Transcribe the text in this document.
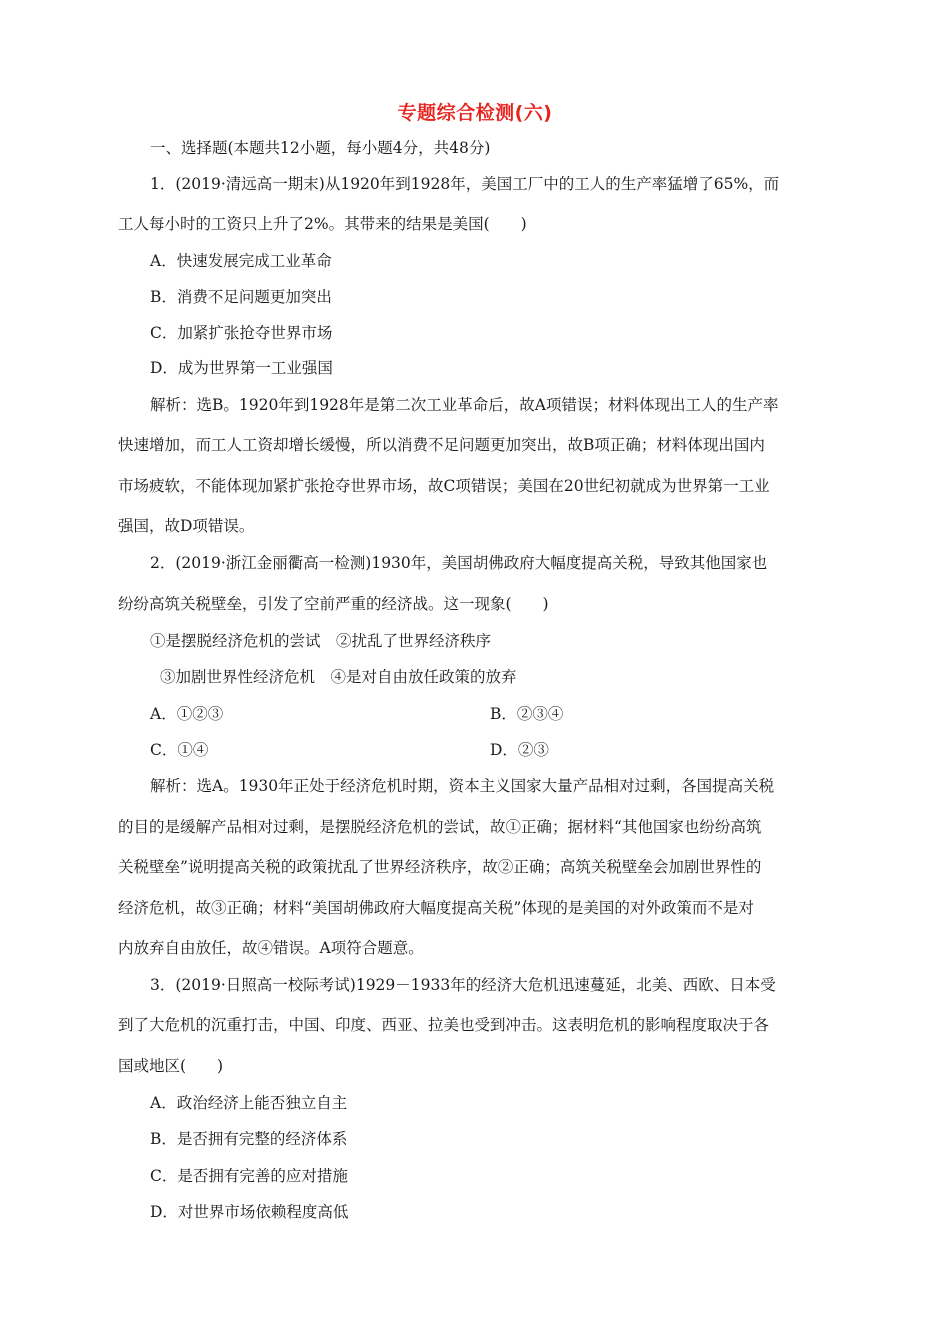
专题综合检测(六)
一、选择题(本题共12小题，每小题4分，共48分)
1．(2019·清远高一期末)从1920年到1928年，美国工厂中的工人的生产率猛增了65%，而
工人每小时的工资只上升了2%。其带来的结果是美国(　　)
A．快速发展完成工业革命
B．消费不足问题更加突出
C．加紧扩张抢夺世界市场
D．成为世界第一工业强国
解析：选B。1920年到1928年是第二次工业革命后，故A项错误；材料体现出工人的生产率
快速增加，而工人工资却增长缓慢，所以消费不足问题更加突出，故B项正确；材料体现出国内
市场疲软，不能体现加紧扩张抢夺世界市场，故C项错误；美国在20世纪初就成为世界第一工业
强国，故D项错误。
2．(2019·浙江金丽衢高一检测)1930年，美国胡佛政府大幅度提高关税，导致其他国家也
纷纷高筑关税壁垒，引发了空前严重的经济战。这一现象(　　)
①是摆脱经济危机的尝试　②扰乱了世界经济秩序
③加剧世界性经济危机　④是对自由放任政策的放弃
A．①②③	B．②③④
C．①④	D．②③
解析：选A。1930年正处于经济危机时期，资本主义国家大量产品相对过剩，各国提高关税
的目的是缓解产品相对过剩，是摆脱经济危机的尝试，故①正确；据材料“其他国家也纷纷高筑
关税壁垒”说明提高关税的政策扰乱了世界经济秩序，故②正确；高筑关税壁垒会加剧世界性的
经济危机，故③正确；材料“美国胡佛政府大幅度提高关税”体现的是美国的对外政策而不是对
内放弃自由放任，故④错误。A项符合题意。
3．(2019·日照高一校际考试)1929－1933年的经济大危机迅速蔓延，北美、西欧、日本受
到了大危机的沉重打击，中国、印度、西亚、拉美也受到冲击。这表明危机的影响程度取决于各
国或地区(　　)
A．政治经济上能否独立自主
B．是否拥有完整的经济体系
C．是否拥有完善的应对措施
D．对世界市场依赖程度高低
